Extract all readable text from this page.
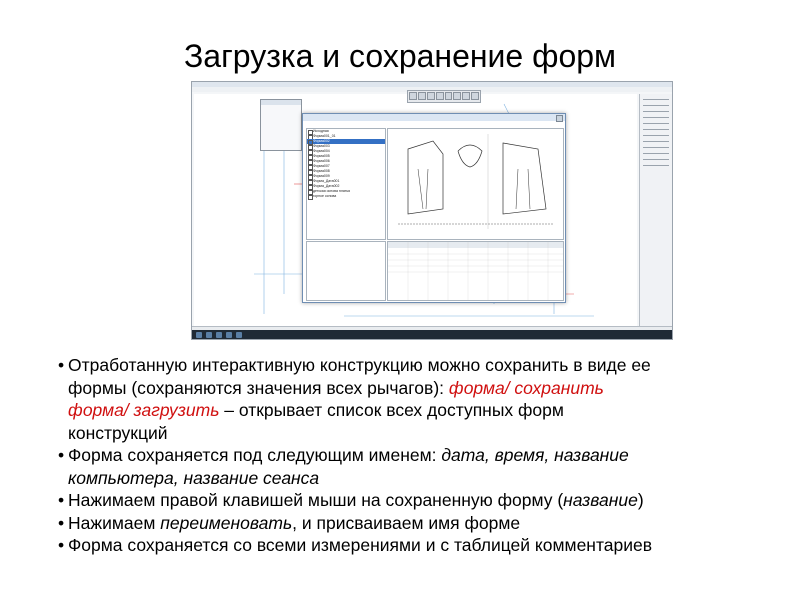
Загрузка и сохранение форм
Исходная
Форма001_01
Форма002
Форма003
Форма004
Форма005
Форма006
Форма007
Форма008
Форма009
Форма_Дата001
Форма_Дата002
детская основа платья
горное основа
• Отработанную интерактивную конструкцию можно сохранить в виде ее
формы (сохраняются значения всех рычагов): форма/ сохранить
форма/ загрузить – открывает список всех доступных форм
конструкций
• Форма сохраняется под следующим именем: дата, время, название
компьютера, название сеанса
• Нажимаем правой клавишей мыши на сохраненную форму (название)
• Нажимаем переименовать, и присваиваем имя форме
• Форма сохраняется со всеми измерениями и с таблицей комментариев
